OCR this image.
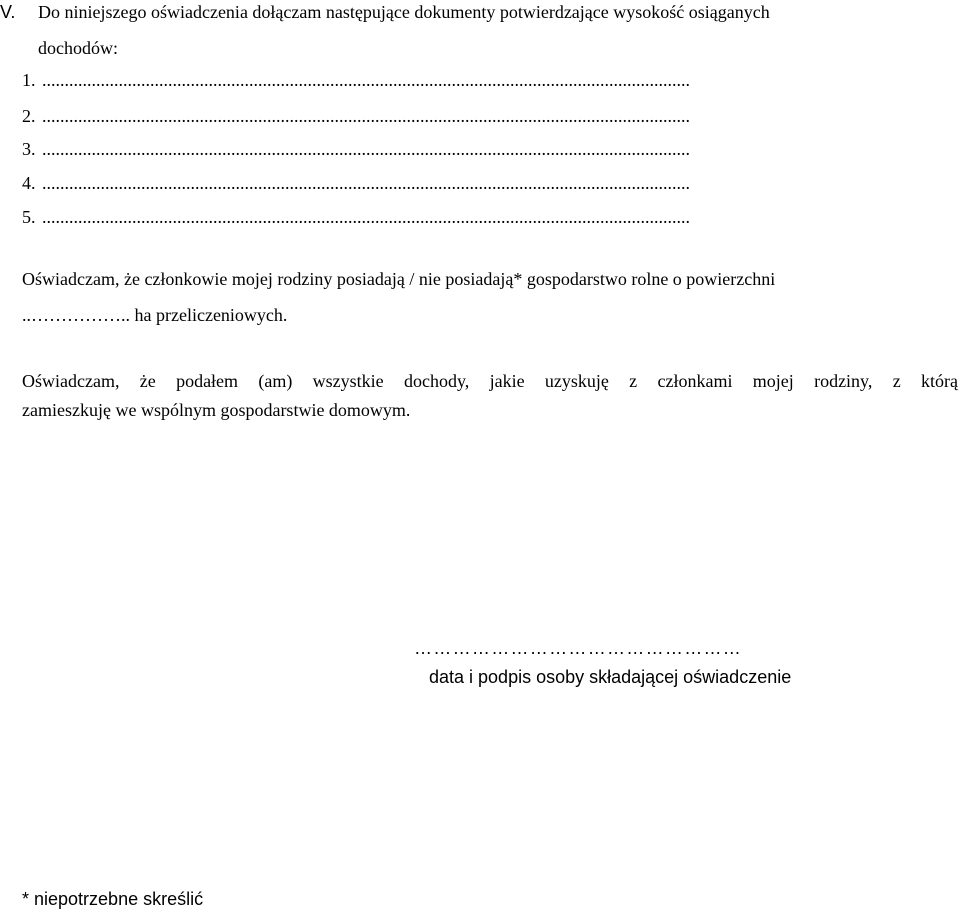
V. Do niniejszego oświadczenia dołączam następujące dokumenty potwierdzające wysokość osiąganych
dochodów:
1. ................................................................................................................................................
2. ................................................................................................................................................
3. ................................................................................................................................................
4. ................................................................................................................................................
5. ................................................................................................................................................
Oświadczam, że członkowie mojej rodziny posiadają / nie posiadają* gospodarstwo rolne o powierzchni
..…………….. ha przeliczeniowych.
Oświadczam, że podałem (am) wszystkie dochody, jakie uzyskuję z członkami mojej rodziny, z którą
zamieszkuję we wspólnym gospodarstwie domowym.
……………………………………………
data i podpis osoby składającej oświadczenie
* niepotrzebne skreślić
